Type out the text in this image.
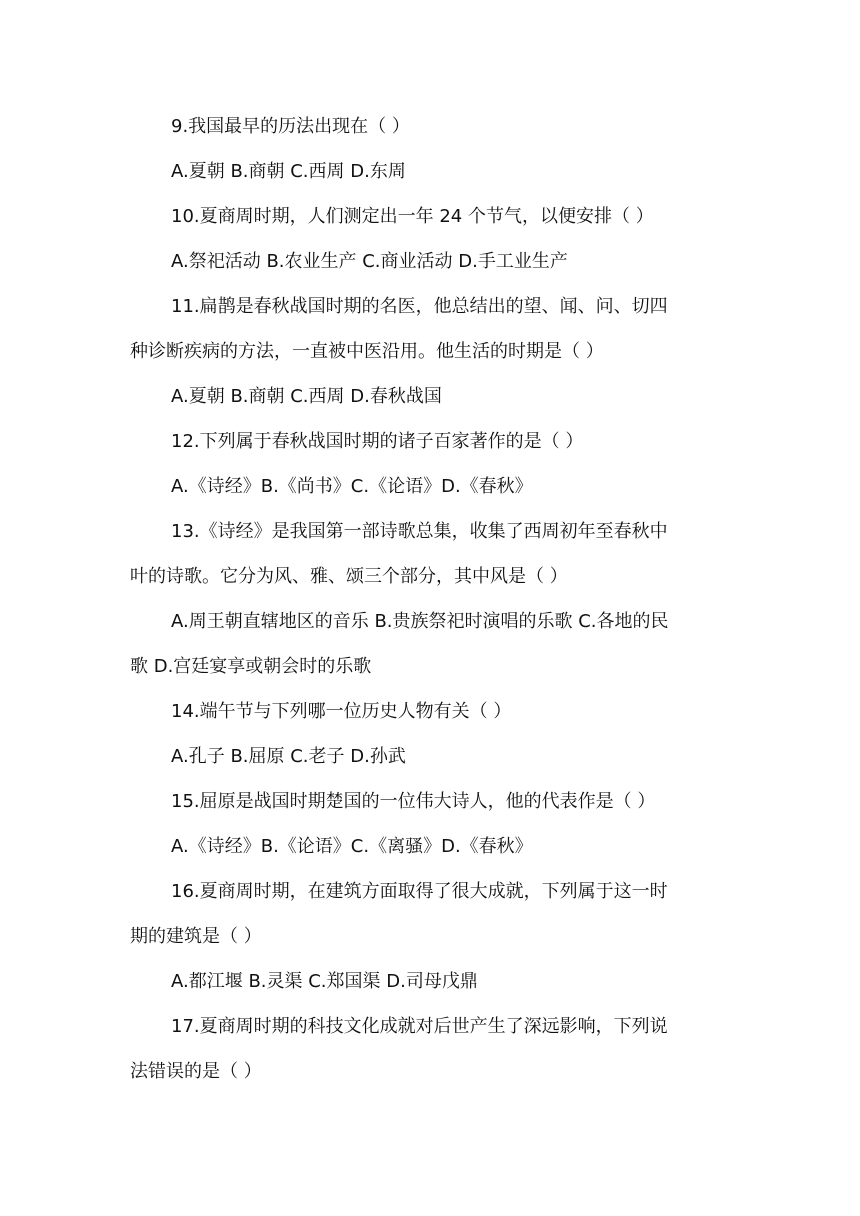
9.我国最早的历法出现在（ ）
A.夏朝 B.商朝 C.西周 D.东周
10.夏商周时期，人们测定出一年 24 个节气，以便安排（ ）
A.祭祀活动 B.农业生产 C.商业活动 D.手工业生产
11.扁鹊是春秋战国时期的名医，他总结出的望、闻、问、切四
种诊断疾病的方法，一直被中医沿用。他生活的时期是（ ）
A.夏朝 B.商朝 C.西周 D.春秋战国
12.下列属于春秋战国时期的诸子百家著作的是（ ）
A.《诗经》B.《尚书》C.《论语》D.《春秋》
13.《诗经》是我国第一部诗歌总集，收集了西周初年至春秋中
叶的诗歌。它分为风、雅、颂三个部分，其中风是（ ）
A.周王朝直辖地区的音乐 B.贵族祭祀时演唱的乐歌 C.各地的民
歌 D.宫廷宴享或朝会时的乐歌
14.端午节与下列哪一位历史人物有关（ ）
A.孔子 B.屈原 C.老子 D.孙武
15.屈原是战国时期楚国的一位伟大诗人，他的代表作是（ ）
A.《诗经》B.《论语》C.《离骚》D.《春秋》
16.夏商周时期，在建筑方面取得了很大成就，下列属于这一时
期的建筑是（ ）
A.都江堰 B.灵渠 C.郑国渠 D.司母戊鼎
17.夏商周时期的科技文化成就对后世产生了深远影响，下列说
法错误的是（ ）
